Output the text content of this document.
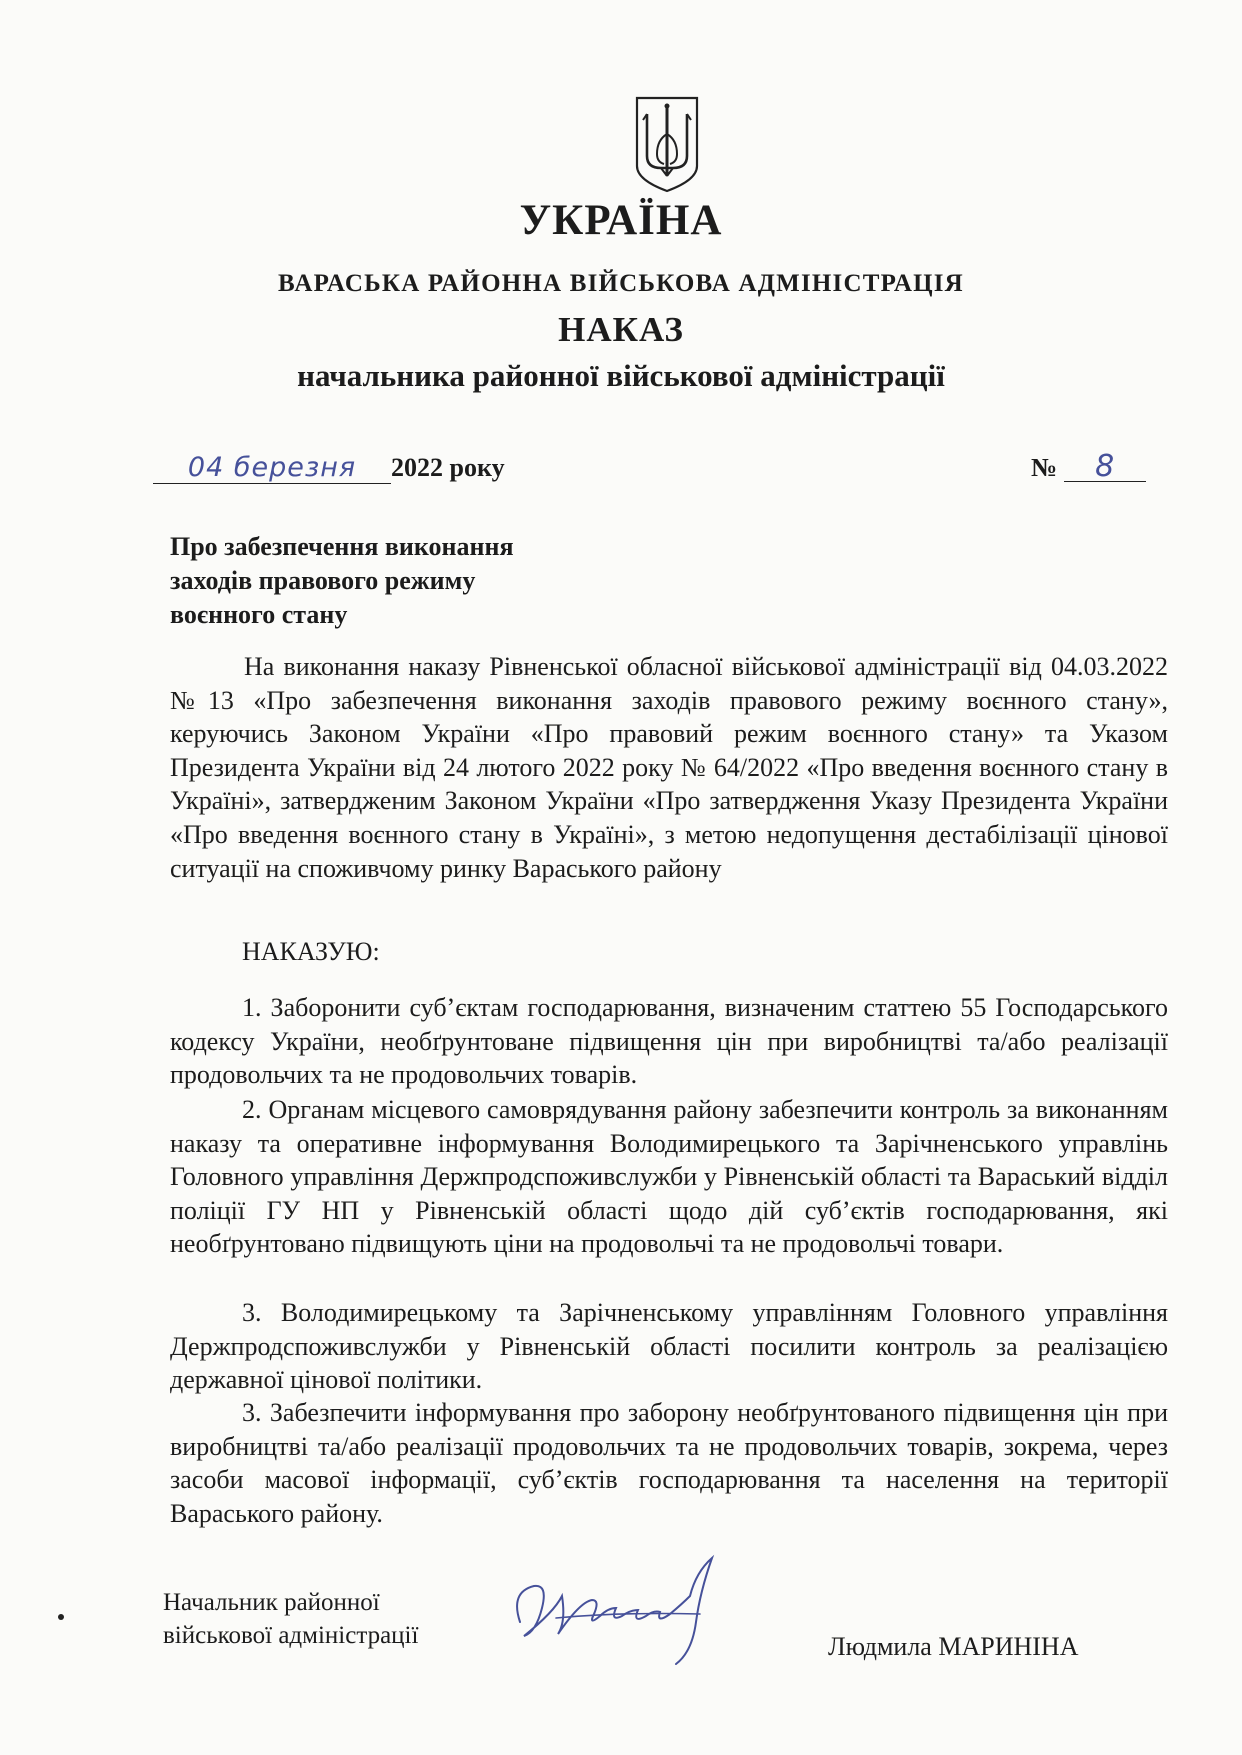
УКРАЇНА
ВАРАСЬКА РАЙОННА ВІЙСЬКОВА АДМІНІСТРАЦІЯ
НАКАЗ
начальника районної військової адміністрації
04 березня 2022 року	№ 8
Про забезпечення виконання
заходів правового режиму
воєнного стану
На виконання наказу Рівненської обласної військової адміністрації від 04.03.2022 №13 «Про забезпечення виконання заходів правового режиму воєнного стану», керуючись Законом України «Про правовий режим воєнного стану» та Указом Президента України від 24 лютого 2022 року № 64/2022 «Про введення воєнного стану в Україні», затвердженим Законом України «Про затвердження Указу Президента України «Про введення воєнного стану в Україні», з метою недопущення дестабілізації цінової ситуації на споживчому ринку Вараського району
НАКАЗУЮ:
1. Заборонити суб’єктам господарювання, визначеним статтею 55 Господарського кодексу України, необґрунтоване підвищення цін при виробництві та/або реалізації продовольчих та не продовольчих товарів.
2. Органам місцевого самоврядування району забезпечити контроль за виконанням наказу та оперативне інформування Володимирецького та Зарічненського управлінь Головного управління Держпродспоживслужби у Рівненській області та Вараський відділ поліції ГУ НП у Рівненській області щодо дій суб’єктів господарювання, які необґрунтовано підвищують ціни на продовольчі та не продовольчі товари.
3. Володимирецькому та Зарічненському управлінням Головного управління Держпродспоживслужби у Рівненській області посилити контроль за реалізацією державної цінової політики.
3. Забезпечити інформування про заборону необґрунтованого підвищення цін при виробництві та/або реалізації продовольчих та не продовольчих товарів, зокрема, через засоби масової інформації, суб’єктів господарювання та населення на території Вараського району.
Начальник районної
військової адміністрації	Людмила МАРИНІНА
